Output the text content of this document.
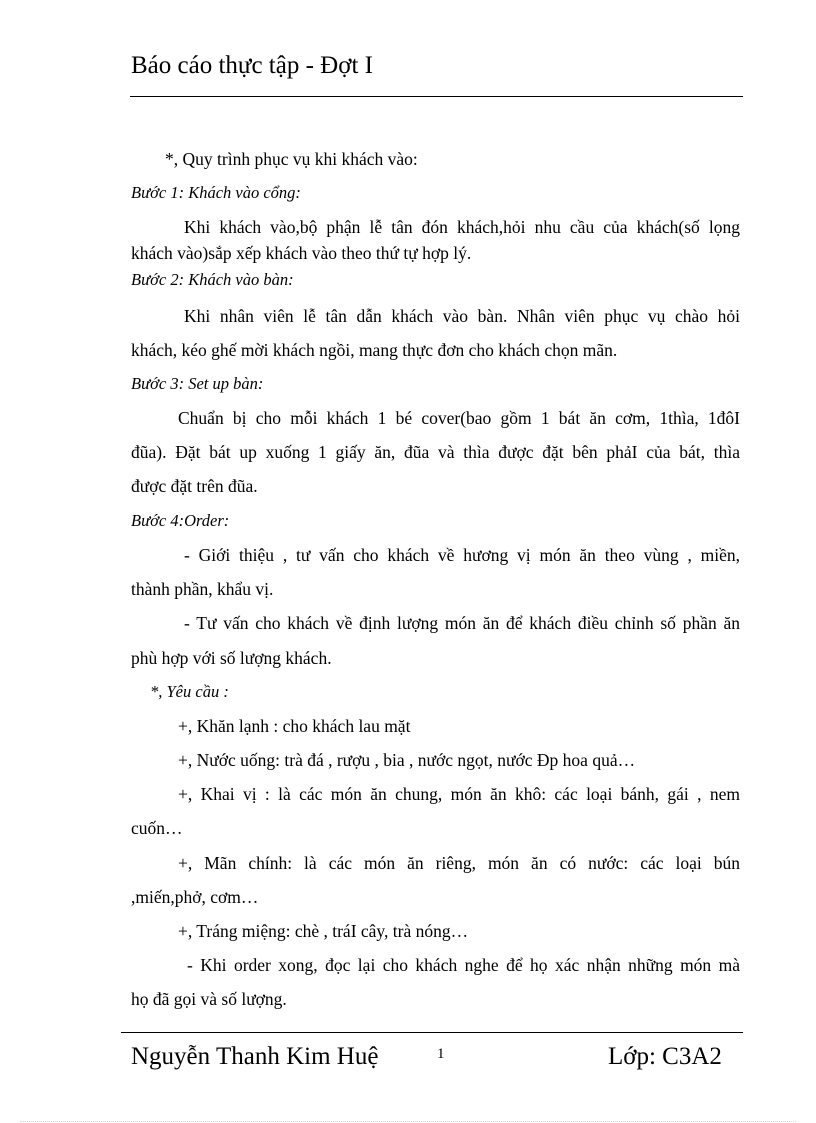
Báo cáo thực tập - Đợt I
*, Quy trình phục vụ khi khách vào:
Bước 1: Khách vào cổng:
Khi khách vào,bộ phận lễ tân đón khách,hỏi nhu cầu của khách(số lọng
khách vào)sắp xếp khách vào theo thứ tự hợp lý.
Bước 2: Khách vào bàn:
Khi nhân viên lễ tân dẫn khách vào bàn. Nhân viên phục vụ chào hỏi
khách, kéo ghế mời khách ngồi, mang thực đơn cho khách chọn mãn.
Bước 3: Set up bàn:
Chuẩn bị cho mỗi khách 1 bé cover(bao gồm 1 bát ăn cơm, 1thìa, 1đôI
đũa). Đặt bát up xuống 1 giấy ăn, đũa và thìa được đặt bên phảI của bát, thìa
được đặt trên đũa.
Bước 4:Order:
- Giới thiệu , tư vấn cho khách về hương vị món ăn theo vùng , miền,
thành phần, khẩu vị.
- Tư vấn cho khách về định lượng món ăn để khách điều chỉnh số phần ăn
phù hợp với số lượng khách.
*, Yêu cầu :
+, Khăn lạnh : cho khách lau mặt
+, Nước uống: trà đá , rượu , bia , nước ngọt, nước Ðp hoa quả…
+, Khai vị : là các món ăn chung, món ăn khô: các loại bánh, gái , nem
cuốn…
+, Mãn chính: là các món ăn riêng, món ăn có nước: các loại bún
,miến,phở, cơm…
+, Tráng miệng: chè , tráI cây, trà nóng…
- Khi order xong, đọc lại cho khách nghe để họ xác nhận những món mà
họ đã gọi và số lượng.
Nguyễn Thanh Kim Huệ	1	Lớp: C3A2
